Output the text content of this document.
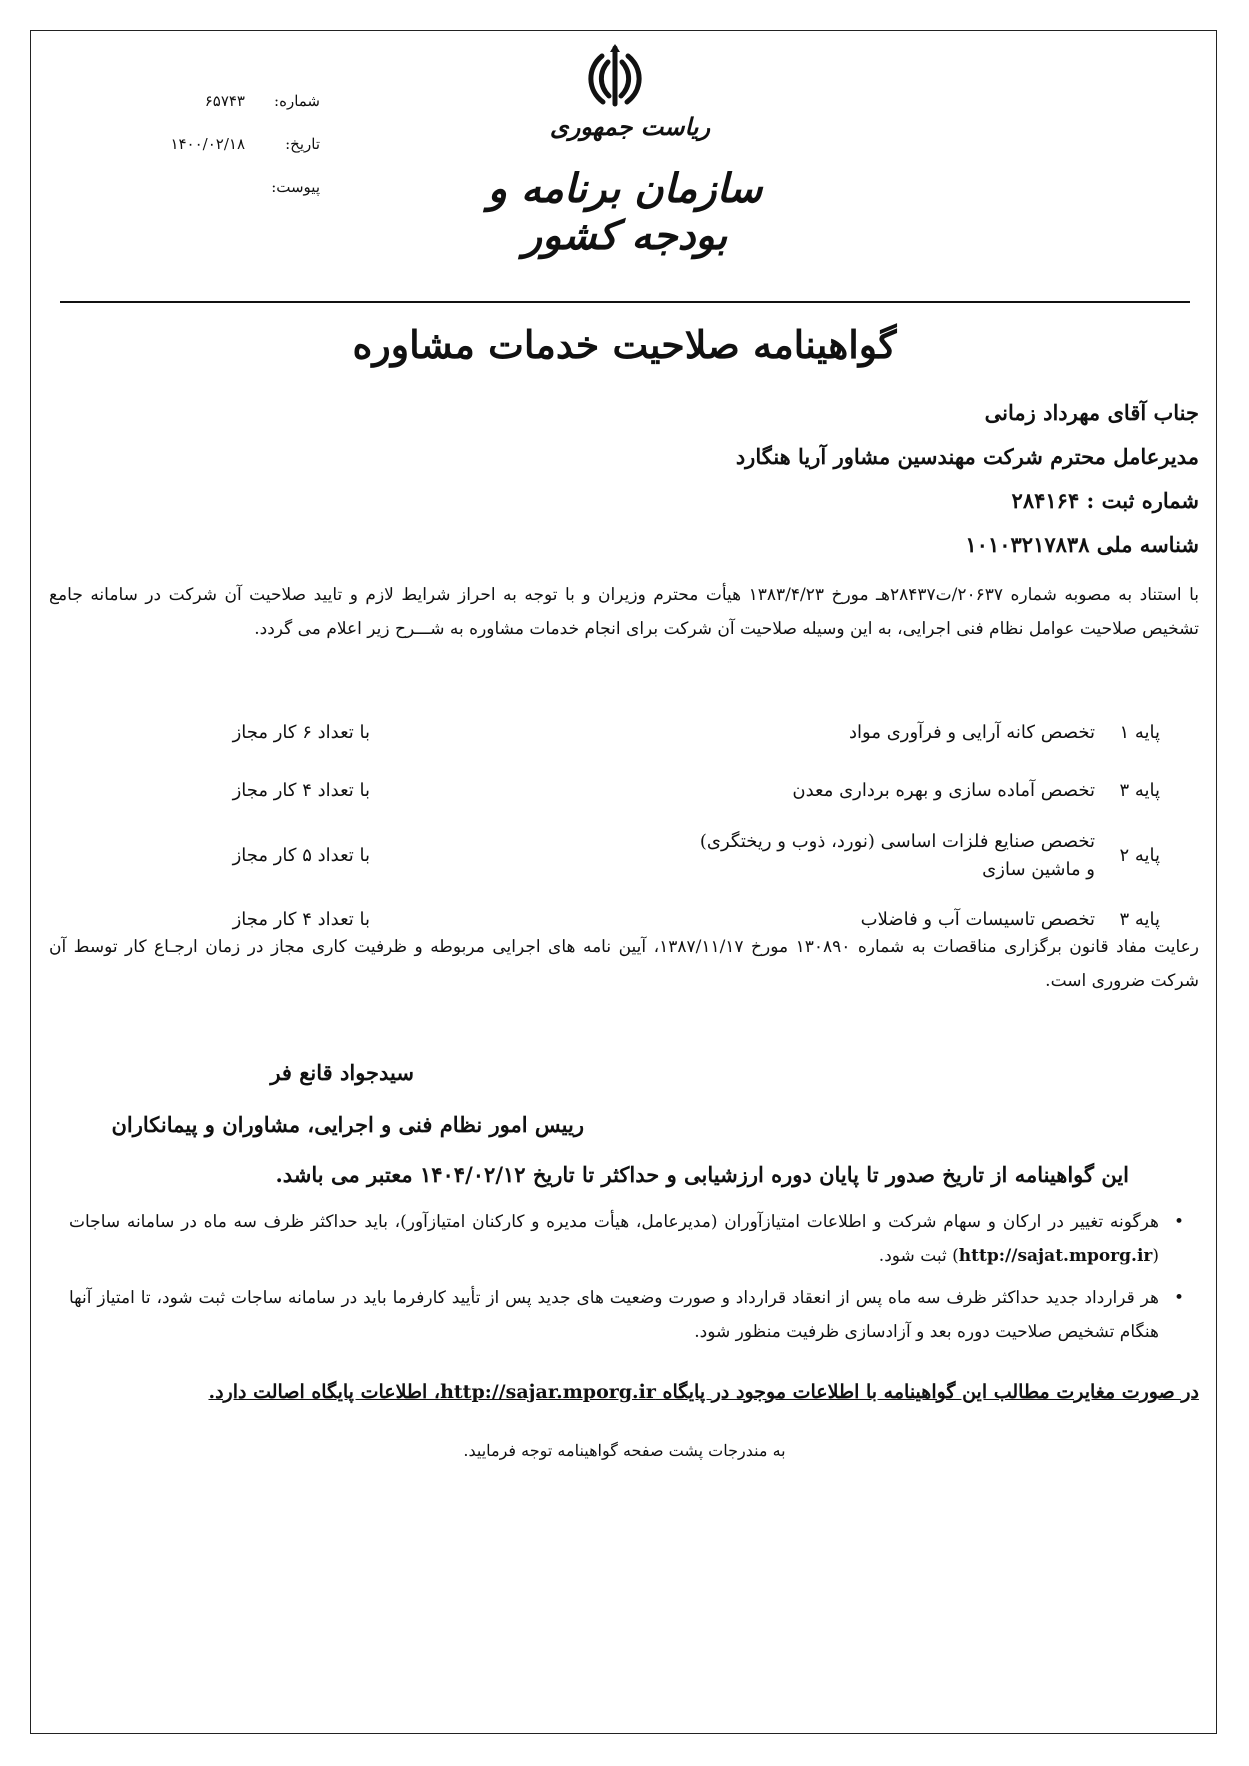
شماره:
۶۵۷۴۳
تاریخ:
۱۴۰۰/۰۲/۱۸
پیوست:
ریاست جمهوری
سازمان برنامه و بودجه کشور
گواهینامه صلاحیت خدمات مشاوره
جناب آقای مهرداد زمانی
مدیرعامل محترم شرکت مهندسین مشاور آریا هنگارد
شماره ثبت : ۲۸۴۱۶۴
شناسه ملی ۱۰۱۰۳۲۱۷۸۳۸
با استناد به مصوبه شماره ۲۰۶۳۷/ت۲۸۴۳۷هـ مورخ ۱۳۸۳/۴/۲۳ هیأت محترم وزیران و با توجه به احراز شرایط لازم و تایید صلاحیت آن شرکت در سامانه جامع تشخیص صلاحیت عوامل نظام فنی اجرایی، به این وسیله صلاحیت آن شرکت برای انجام خدمات مشاوره به شـــرح زیر اعلام می گردد.
پایه ۱	تخصص کانه آرایی و فرآوری مواد		با تعداد ۶ کار مجاز
پایه ۳	تخصص آماده سازی و بهره برداری معدن		با تعداد ۴ کار مجاز
پایه ۲	تخصص صنایع فلزات اساسی (نورد، ذوب و ریختگری) و ماشین سازی		با تعداد ۵ کار مجاز
پایه ۳	تخصص تاسیسات آب و فاضلاب		با تعداد ۴ کار مجاز
رعایت مفاد قانون برگزاری مناقصات به شماره ۱۳۰۸۹۰ مورخ ۱۳۸۷/۱۱/۱۷، آیین نامه های اجرایی مربوطه و ظرفیت کاری مجاز در زمان ارجـاع کار توسط آن شرکت ضروری است.
سیدجواد قانع فر
رییس امور نظام فنی و اجرایی، مشاوران و پیمانکاران
این گواهینامه از تاریخ صدور تا پایان دوره ارزشیابی و حداکثر تا تاریخ ۱۴۰۴/۰۲/۱۲ معتبر می باشد.
•
هرگونه تغییر در ارکان و سهام شرکت و اطلاعات امتیازآوران (مدیرعامل، هیأت مدیره و کارکنان امتیازآور)، باید حداکثر ظرف سه ماه در سامانه ساجات (http://sajat.mporg.ir) ثبت شود.
•
هر قرارداد جدید حداکثر ظرف سه ماه پس از انعقاد قرارداد و صورت وضعیت های جدید پس از تأیید کارفرما باید در سامانه ساجات ثبت شود، تا امتیاز آنها هنگام تشخیص صلاحیت دوره بعد و آزادسازی ظرفیت منظور شود.
در صورت مغایرت مطالب این گواهینامه با اطلاعات موجود در پایگاه http://sajar.mporg.ir، اطلاعات پایگاه اصالت دارد.
به مندرجات پشت صفحه گواهینامه توجه فرمایید.
